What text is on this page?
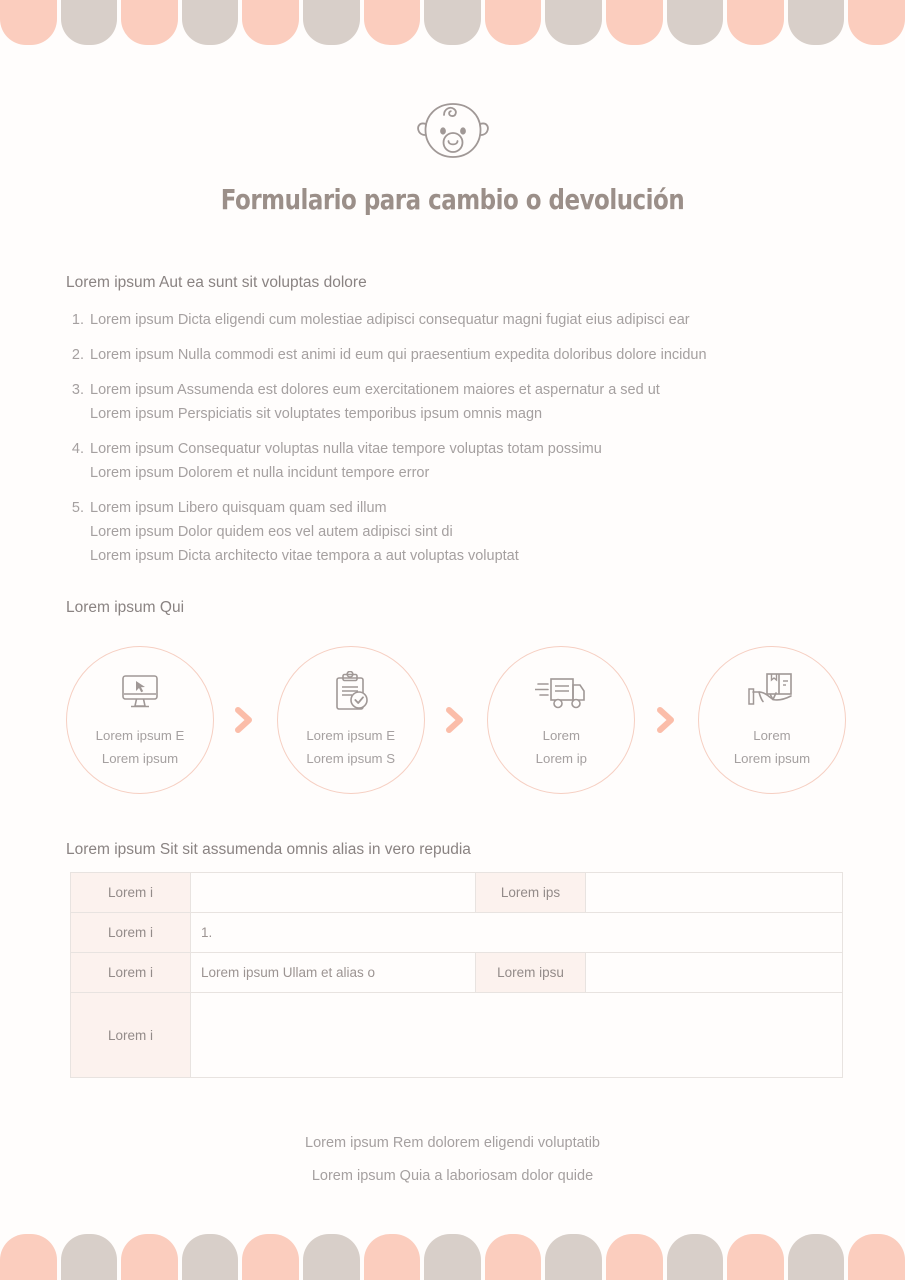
Formulario para cambio o devolución
Lorem ipsum Aut ea sunt sit voluptas dolore
1. Lorem ipsum Dicta eligendi cum molestiae adipisci consequatur magni fugiat eius adipisci ear
2. Lorem ipsum Nulla commodi est animi id eum qui praesentium expedita doloribus dolore incidun
3. Lorem ipsum Assumenda est dolores eum exercitationem maiores et aspernatur a sed ut
Lorem ipsum Perspiciatis sit voluptates temporibus ipsum omnis magn
4. Lorem ipsum Consequatur voluptas nulla vitae tempore voluptas totam possimu
Lorem ipsum Dolorem et nulla incidunt tempore error
5. Lorem ipsum Libero quisquam quam sed illum
Lorem ipsum Dolor quidem eos vel autem adipisci sint di
Lorem ipsum Dicta architecto vitae tempora a aut voluptas voluptat
Lorem ipsum Qui
Lorem ipsum E
Lorem ipsum
Lorem ipsum E
Lorem ipsum S
Lorem
Lorem ip
Lorem
Lorem ipsum
Lorem ipsum Sit sit assumenda omnis alias in vero repudia
Lorem i		Lorem ips	
Lorem i	1.		
Lorem i	Lorem ipsum Ullam et alias o	Lorem ipsu	
Lorem i			
Lorem ipsum Rem dolorem eligendi voluptatib
Lorem ipsum Quia a laboriosam dolor quide
